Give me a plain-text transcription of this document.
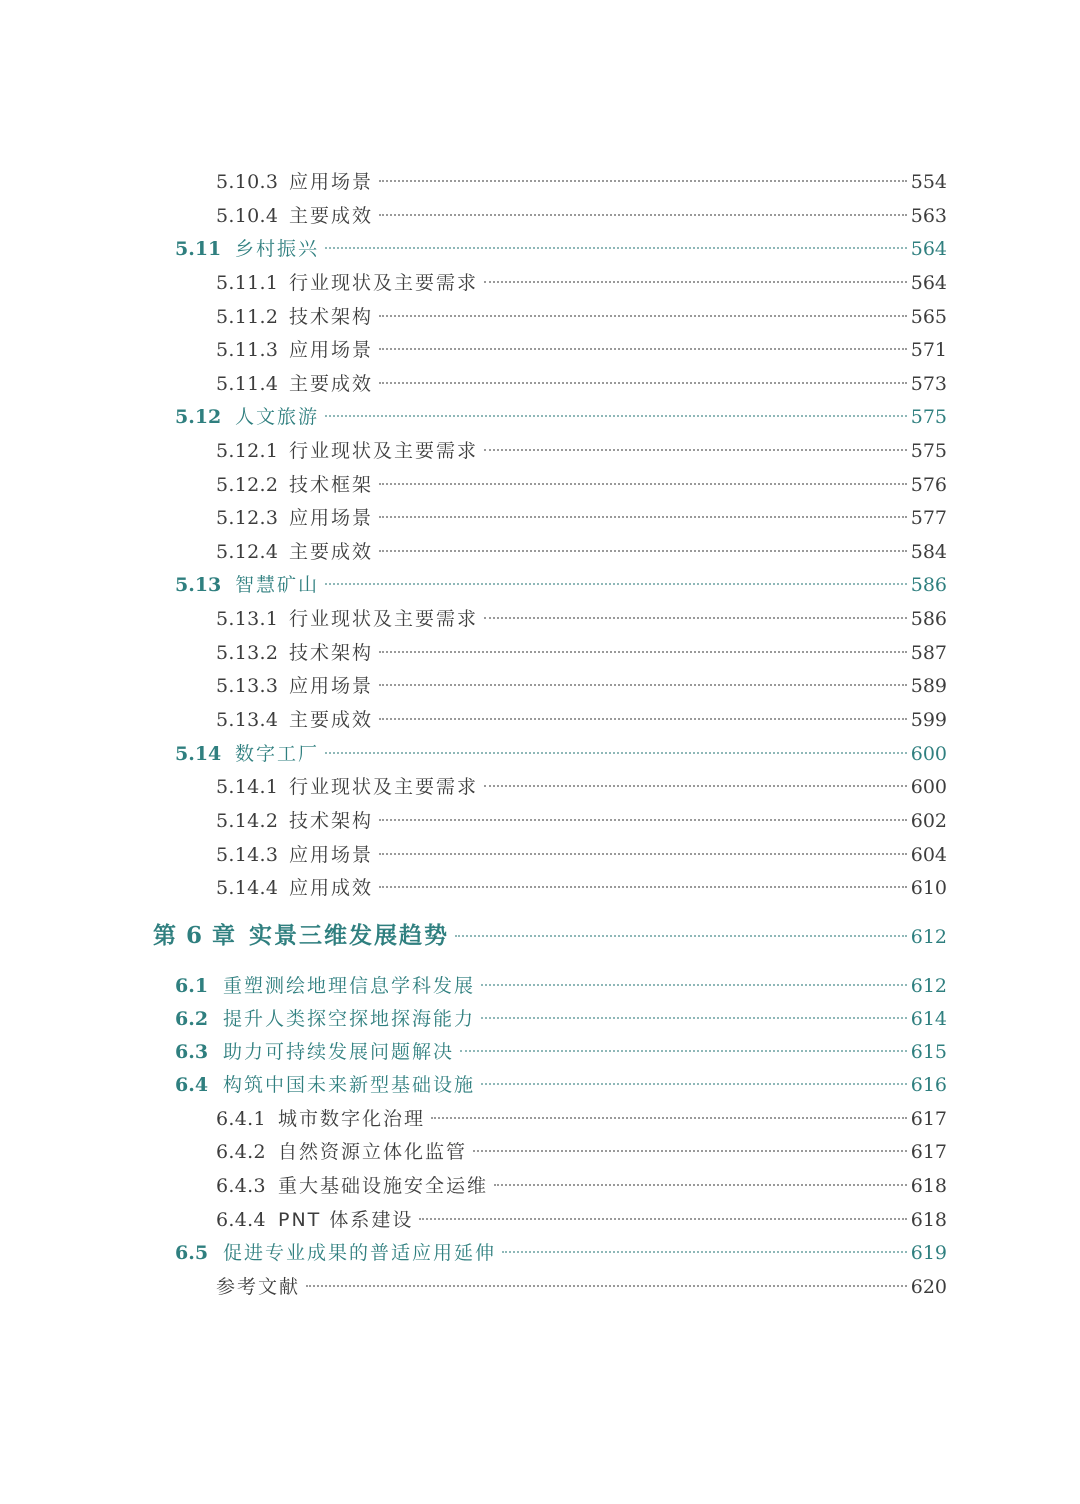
5.10.3 应用场景	554
5.10.4 主要成效	563
5.11 乡村振兴	564
5.11.1 行业现状及主要需求	564
5.11.2 技术架构	565
5.11.3 应用场景	571
5.11.4 主要成效	573
5.12 人文旅游	575
5.12.1 行业现状及主要需求	575
5.12.2 技术框架	576
5.12.3 应用场景	577
5.12.4 主要成效	584
5.13 智慧矿山	586
5.13.1 行业现状及主要需求	586
5.13.2 技术架构	587
5.13.3 应用场景	589
5.13.4 主要成效	599
5.14 数字工厂	600
5.14.1 行业现状及主要需求	600
5.14.2 技术架构	602
5.14.3 应用场景	604
5.14.4 应用成效	610
第 6 章 实景三维发展趋势	612
6.1 重塑测绘地理信息学科发展	612
6.2 提升人类探空探地探海能力	614
6.3 助力可持续发展问题解决	615
6.4 构筑中国未来新型基础设施	616
6.4.1 城市数字化治理	617
6.4.2 自然资源立体化监管	617
6.4.3 重大基础设施安全运维	618
6.4.4 PNT 体系建设	618
6.5 促进专业成果的普适应用延伸	619
参考文献	620
